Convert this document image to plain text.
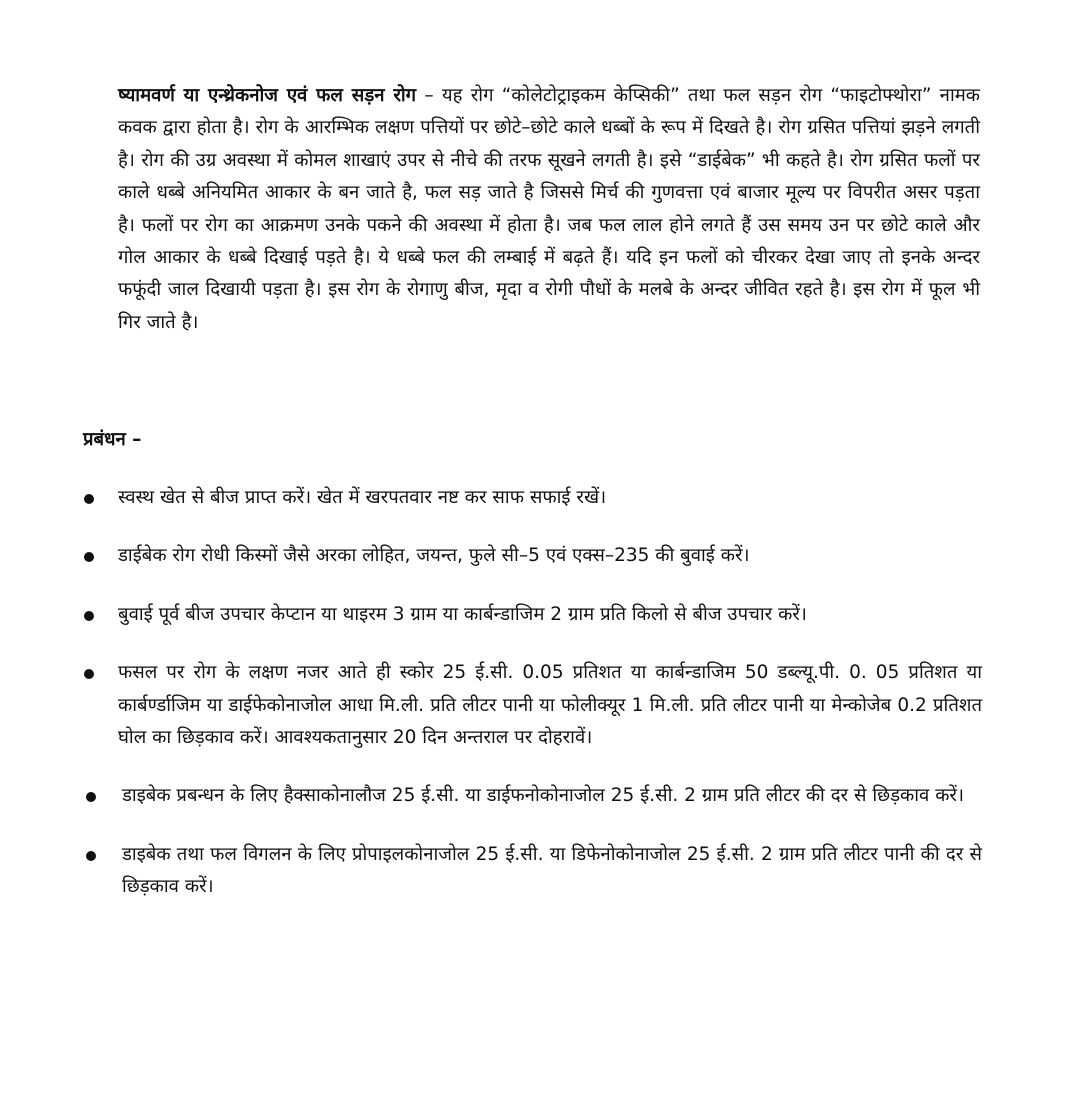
ष्यामवर्ण या एन्थ्रेकनोज एवं फल सड़न रोग – यह रोग “कोलेटोट्राइकम केप्सिकी” तथा फल सड़न रोग “फाइटोफ्थोरा” नामक कवक द्वारा होता है। रोग के आरम्भिक लक्षण पत्तियों पर छोटे–छोटे काले धब्बों के रूप में दिखते है। रोग ग्रसित पत्तियां झड़ने लगती है। रोग की उग्र अवस्था में कोमल शाखाएं उपर से नीचे की तरफ सूखने लगती है। इसे “डाईबेक” भी कहते है। रोग ग्रसित फलों पर काले धब्बे अनियमित आकार के बन जाते है, फल सड़ जाते है जिससे मिर्च की गुणवत्ता एवं बाजार मूल्य पर विपरीत असर पड़ता है। फलों पर रोग का आक्रमण उनके पकने की अवस्था में होता है। जब फल लाल होने लगते हैं उस समय उन पर छोटे काले और गोल आकार के धब्बे दिखाई पड़ते है। ये धब्बे फल की लम्बाई में बढ़ते हैं। यदि इन फलों को चीरकर देखा जाए तो इनके अन्दर फफूंदी जाल दिखायी पड़ता है। इस रोग के रोगाणु बीज, मृदा व रोगी पौधों के मलबे के अन्दर जीवित रहते है। इस रोग में फूल भी गिर जाते है।

प्रबंधन –
स्वस्थ खेत से बीज प्राप्त करें। खेत में खरपतवार नष्ट कर साफ सफाई रखें।
डाईबेक रोग रोधी किस्मों जैसे अरका लोहित, जयन्त, फुले सी–5 एवं एक्स–235 की बुवाई करें।
बुवाई पूर्व बीज उपचार केप्टान या थाइरम 3 ग्राम या कार्बन्डाजिम 2 ग्राम प्रति किलो से बीज उपचार करें।
फसल पर रोग के लक्षण नजर आते ही स्कोर 25 ई.सी. 0.05 प्रतिशत या कार्बन्डाजिम 50 डब्ल्यू.पी. 0. 05 प्रतिशत या कार्बर्ण्डाजिम या डाईफेकोनाजोल आधा मि.ली. प्रति लीटर पानी या फोलीक्यूर 1 मि.ली. प्रति लीटर पानी या मेन्कोजेब 0.2 प्रतिशत घोल का छिड़काव करें। आवश्यकतानुसार 20 दिन अन्तराल पर दोहरावें।
डाइबेक प्रबन्धन के लिए हैक्साकोनालौज 25 ई.सी. या डाईफनोकोनाजोल 25 ई.सी. 2 ग्राम प्रति लीटर की दर से छिड़काव करें।
डाइबेक तथा फल विगलन के लिए प्रोपाइलकोनाजोल 25 ई.सी. या डिफेनोकोनाजोल 25 ई.सी. 2 ग्राम प्रति लीटर पानी की दर से छिड़काव करें।
